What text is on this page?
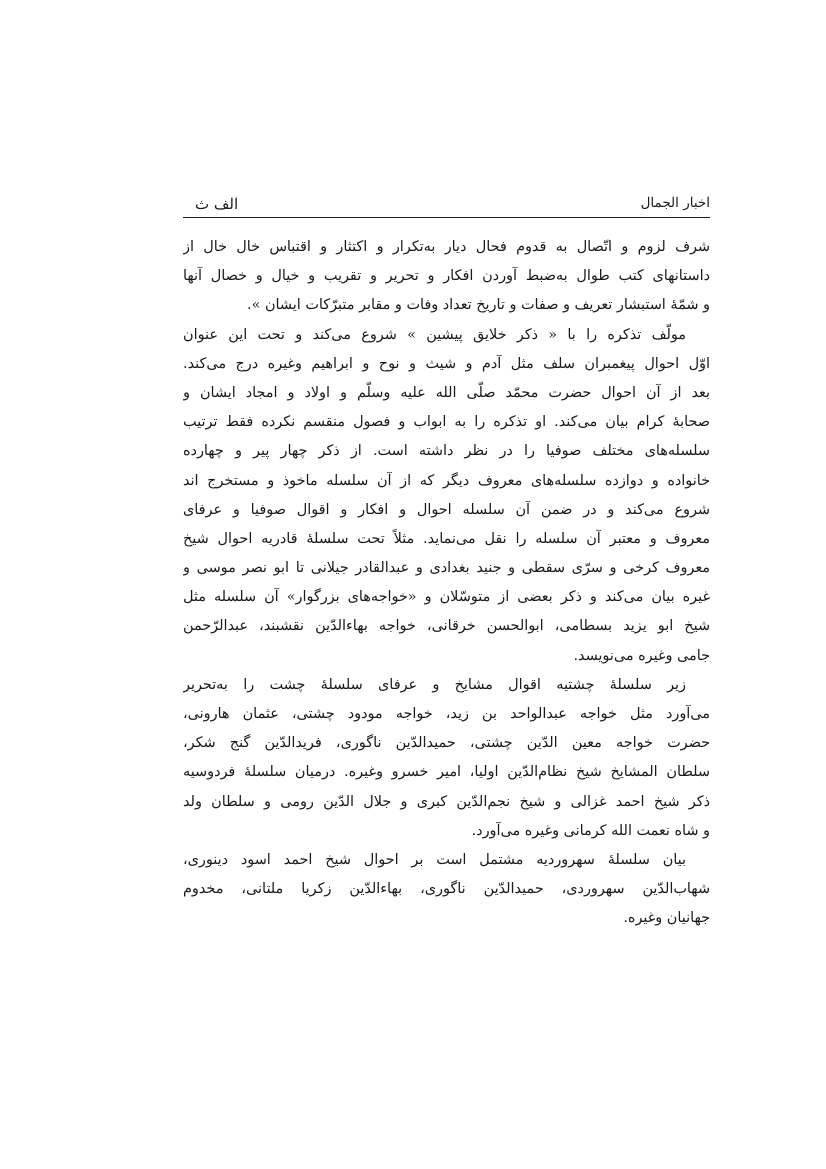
اخبار الجمال
الف ث
شرف لزوم و اتّصال به قدوم فحال دیار به‌تکرار و اکتثار و اقتباس خال خال از
داستانهای کتب طوال به‌ضبط آوردن افکار و تحریر و تقریب و خیال و خصال آنها
و شمّهٔ استبشار تعریف و صفات و تاریخ تعداد وفات و مقابر متبرّکات ایشان ».
مولّف تذکره را با « ذکر خلایق پیشین » شروع می‌کند و تحت این عنوان
اوّل احوال پیغمبران سلف مثل آدم و شیث و نوح و ابراهیم وغیره درج می‌کند.
بعد از آن احوال حضرت محمّد صلّی الله علیه وسلّم و اولاد و امجاد ایشان و
صحابهٔ کرام بیان می‌کند. او تذکره را به ابواب و فصول منقسم نکرده فقط ترتیب
سلسله‌های مختلف صوفیا را در نظر داشته است. از ذکر چهار پیر و چهارده
خانواده و دوازده سلسله‌های معروف دیگر که از آن سلسله ماخوذ و مستخرج اند
شروع می‌کند و در ضمن آن سلسله احوال و افکار و اقوال صوفیا و عرفای
معروف و معتبر آن سلسله را نقل می‌نماید. مثلاً تحت سلسلهٔ قادریه احوال شیخ
معروف کرخی و سرّی سقطی و جنید بغدادی و عبدالقادر جیلانی تا ابو نصر موسی و
غیره بیان می‌کند و ذکر بعضی از متوسّلان و «خواجه‌های بزرگوار» آن سلسله مثل
شیخ ابو یزید بسطامی، ابوالحسن خرقانی، خواجه بهاءالدّین نقشبند، عبدالرّحمن
جامی وغیره می‌نویسد.
زیر سلسلهٔ چشتیه اقوال مشایخ و عرفای سلسلهٔ چشت را به‌تحریر
می‌آورد مثل خواجه عبدالواحد بن زید، خواجه مودود چشتی، عثمان هارونی،
حضرت خواجه معین الدّین چشتی، حمیدالدّین ناگوری، فریدالدّین گنج شکر،
سلطان المشایخ شیخ نظام‌الدّین اولیا، امیر خسرو وغیره. درمیان سلسلهٔ فردوسیه
ذکر شیخ احمد غزالی و شیخ نجم‌الدّین کبری و جلال الدّین رومی و سلطان ولد
و شاه نعمت الله کرمانی وغیره می‌آورد.
بیان سلسلهٔ سهروردیه مشتمل است بر احوال شیخ احمد اسود دینوری،
شهاب‌الدّین سهروردی، حمیدالدّین ناگوری، بهاءالدّین زکریا ملتانی، مخدوم
جهانیان وغیره.
